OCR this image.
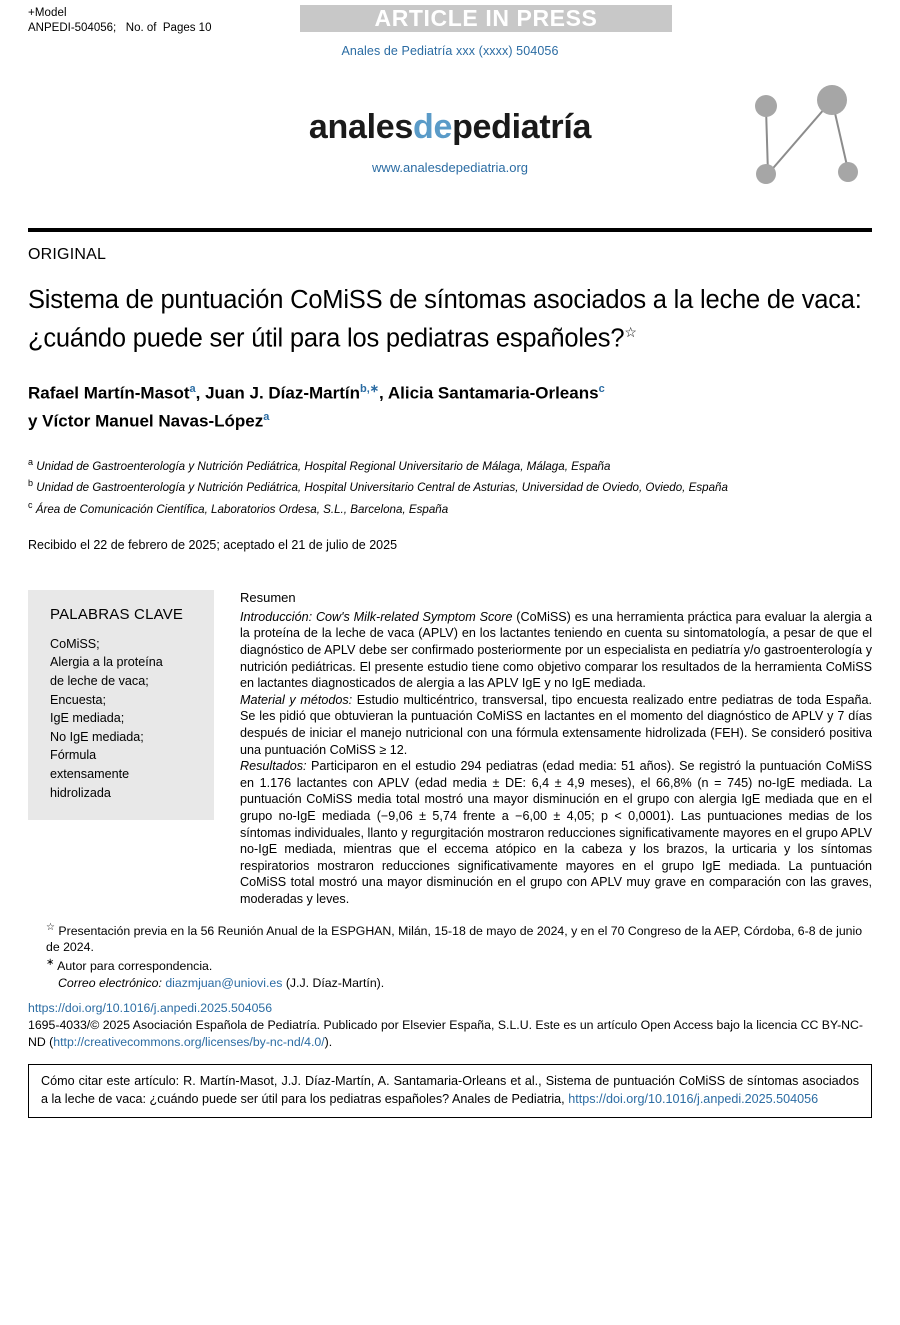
+Model
ANPEDI-504056;   No. of  Pages 10	ARTICLE IN PRESS
Anales de Pediatría xxx (xxxx) 504056
analesdepediatría
www.analesdepediatria.org
ORIGINAL
Sistema de puntuación CoMiSS de síntomas asociados a la leche de vaca: ¿cuándo puede ser útil para los pediatras españoles?☆
Rafael Martín-Masot$^a$, Juan J. Díaz-Martín$^{b,∗}$, Alicia Santamaria-Orleans$^c$
y Víctor Manuel Navas-López$^a$
$^a$ Unidad de Gastroenterología y Nutrición Pediátrica, Hospital Regional Universitario de Málaga, Málaga, España
$^b$ Unidad de Gastroenterología y Nutrición Pediátrica, Hospital Universitario Central de Asturias, Universidad de Oviedo, Oviedo, España
$^c$ Área de Comunicación Científica, Laboratorios Ordesa, S.L., Barcelona, España
Recibido el 22 de febrero de 2025; aceptado el 21 de julio de 2025
PALABRAS CLAVE
CoMiSS;
Alergia a la proteína
de leche de vaca;
Encuesta;
IgE mediada;
No IgE mediada;
Fórmula
extensamente
hidrolizada
Resumen

Introducción: Cow's Milk-related Symptom Score (CoMiSS) es una herramienta práctica para evaluar la alergia a la proteína de la leche de vaca (APLV) en los lactantes teniendo en cuenta su sintomatología, a pesar de que el diagnóstico de APLV debe ser confirmado posteriormente por un especialista en pediatría y/o gastroenterología y nutrición pediátricas. El presente estudio tiene como objetivo comparar los resultados de la herramienta CoMiSS en lactantes diagnosticados de alergia a las APLV IgE y no IgE mediada.

Material y métodos: Estudio multicéntrico, transversal, tipo encuesta realizado entre pediatras de toda España. Se les pidió que obtuvieran la puntuación CoMiSS en lactantes en el momento del diagnóstico de APLV y 7 días después de iniciar el manejo nutricional con una fórmula extensamente hidrolizada (FEH). Se consideró positiva una puntuación CoMiSS ≥ 12.

Resultados: Participaron en el estudio 294 pediatras (edad media: 51 años). Se registró la puntuación CoMiSS en 1.176 lactantes con APLV (edad media ± DE: 6,4 ± 4,9 meses), el 66,8% (n = 745) no-IgE mediada. La puntuación CoMiSS media total mostró una mayor disminución en el grupo con alergia IgE mediada que en el grupo no-IgE mediada (−9,06 ± 5,74 frente a −6,00 ± 4,05; p < 0,0001). Las puntuaciones medias de los síntomas individuales, llanto y regurgitación mostraron reducciones significativamente mayores en el grupo APLV no-IgE mediada, mientras que el eccema atópico en la cabeza y los brazos, la urticaria y los síntomas respiratorios mostraron reducciones significativamente mayores en el grupo IgE mediada. La puntuación CoMiSS total mostró una mayor disminución en el grupo con APLV muy grave en comparación con las graves, moderadas y leves.

☆ Presentación previa en la 56 Reunión Anual de la ESPGHAN, Milán, 15-18 de mayo de 2024, y en el 70 Congreso de la AEP, Córdoba, 6-8 de junio de 2024.
∗ Autor para correspondencia.
Correo electrónico: diazmjuan@uniovi.es (J.J. Díaz-Martín).
https://doi.org/10.1016/j.anpedi.2025.504056
1695-4033/© 2025 Asociación Española de Pediatría. Publicado por Elsevier España, S.L.U. Este es un artículo Open Access bajo la licencia CC BY-NC-ND (http://creativecommons.org/licenses/by-nc-nd/4.0/).
Cómo citar este artículo: R. Martín-Masot, J.J. Díaz-Martín, A. Santamaria-Orleans et al., Sistema de puntuación CoMiSS de síntomas asociados a la leche de vaca: ¿cuándo puede ser útil para los pediatras españoles? Anales de Pediatria, https://doi.org/10.1016/j.anpedi.2025.504056
